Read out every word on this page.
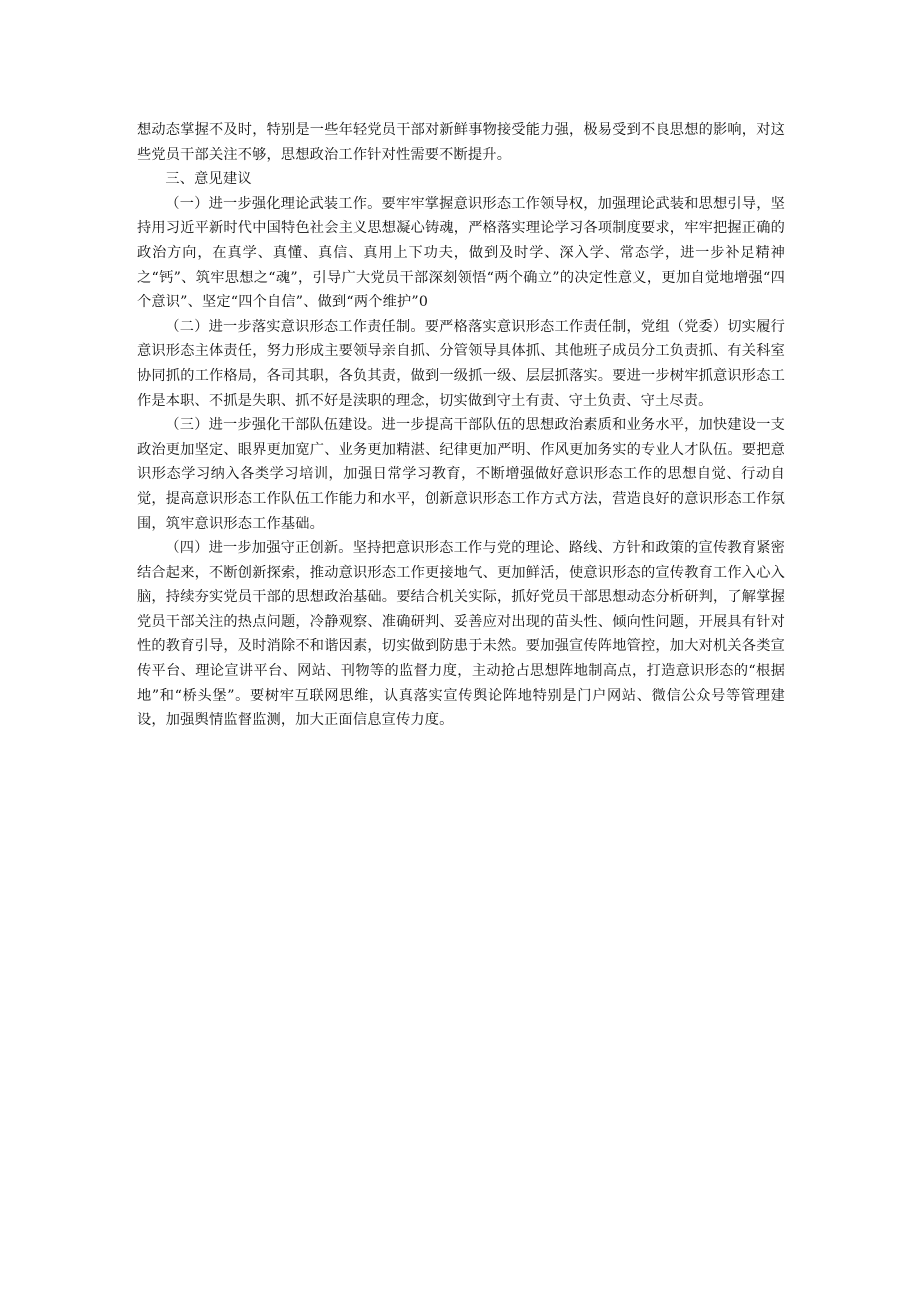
想动态掌握不及时，特别是一些年轻党员干部对新鲜事物接受能力强，极易受到不良思想的影响，对这些党员干部关注不够，思想政治工作针对性需要不断提升。

三、意见建议

（一）进一步强化理论武装工作。要牢牢掌握意识形态工作领导权，加强理论武装和思想引导，坚持用习近平新时代中国特色社会主义思想凝心铸魂，严格落实理论学习各项制度要求，牢牢把握正确的政治方向，在真学、真懂、真信、真用上下功夫，做到及时学、深入学、常态学，进一步补足精神之“钙”、筑牢思想之“魂”，引导广大党员干部深刻领悟“两个确立”的决定性意义，更加自觉地增强“四个意识”、坚定“四个自信”、做到“两个维护”0

（二）进一步落实意识形态工作责任制。要严格落实意识形态工作责任制，党组（党委）切实履行意识形态主体责任，努力形成主要领导亲自抓、分管领导具体抓、其他班子成员分工负责抓、有关科室协同抓的工作格局，各司其职，各负其责，做到一级抓一级、层层抓落实。要进一步树牢抓意识形态工作是本职、不抓是失职、抓不好是渎职的理念，切实做到守土有责、守土负责、守土尽责。

（三）进一步强化干部队伍建设。进一步提高干部队伍的思想政治素质和业务水平，加快建设一支政治更加坚定、眼界更加宽广、业务更加精湛、纪律更加严明、作风更加务实的专业人才队伍。要把意识形态学习纳入各类学习培训，加强日常学习教育，不断增强做好意识形态工作的思想自觉、行动自觉，提高意识形态工作队伍工作能力和水平，创新意识形态工作方式方法，营造良好的意识形态工作氛围，筑牢意识形态工作基础。

（四）进一步加强守正创新。坚持把意识形态工作与党的理论、路线、方针和政策的宣传教育紧密结合起来，不断创新探索，推动意识形态工作更接地气、更加鲜活，使意识形态的宣传教育工作入心入脑，持续夯实党员干部的思想政治基础。要结合机关实际，抓好党员干部思想动态分析研判，了解掌握党员干部关注的热点问题，冷静观察、准确研判、妥善应对出现的苗头性、倾向性问题，开展具有针对性的教育引导，及时消除不和谐因素，切实做到防患于未然。要加强宣传阵地管控，加大对机关各类宣传平台、理论宣讲平台、网站、刊物等的监督力度，主动抢占思想阵地制高点，打造意识形态的“根据地”和“桥头堡”。要树牢互联网思维，认真落实宣传舆论阵地特别是门户网站、微信公众号等管理建设，加强舆情监督监测，加大正面信息宣传力度。
